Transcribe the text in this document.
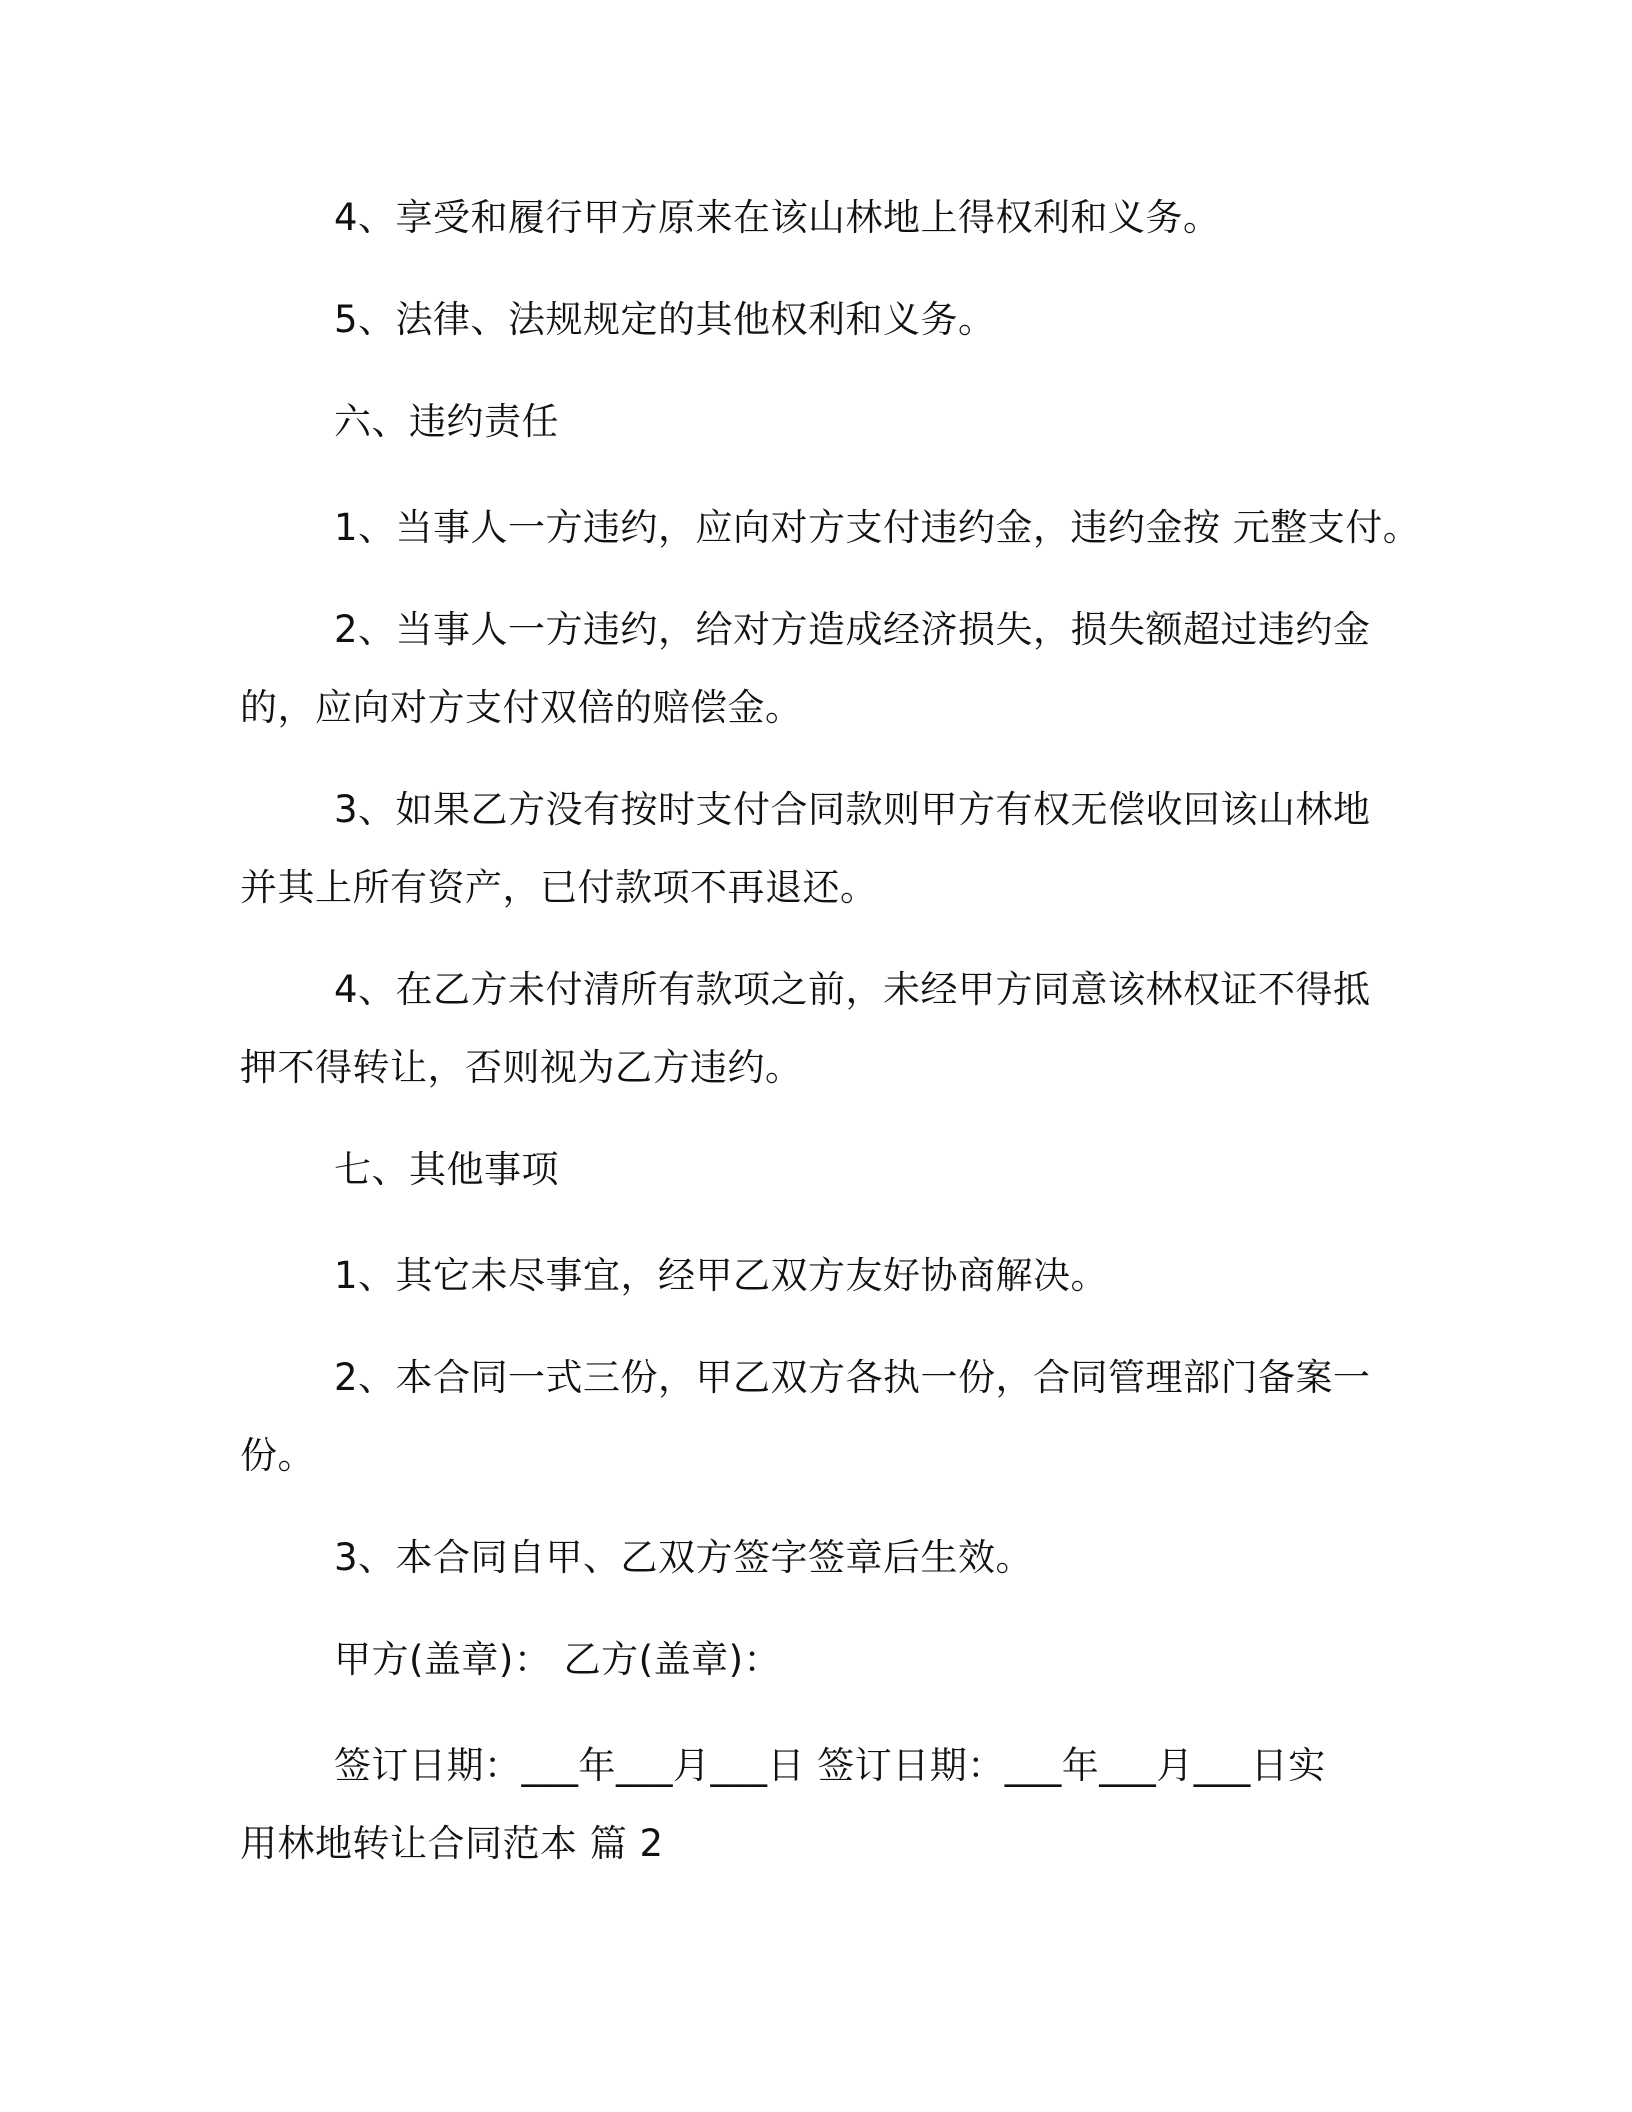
4、享受和履行甲方原来在该山林地上得权利和义务。
5、法律、法规规定的其他权利和义务。
六、违约责任
1、当事人一方违约，应向对方支付违约金，违约金按 元整支付。
2、当事人一方违约，给对方造成经济损失，损失额超过违约金
的，应向对方支付双倍的赔偿金。
3、如果乙方没有按时支付合同款则甲方有权无偿收回该山林地
并其上所有资产，已付款项不再退还。
4、在乙方未付清所有款项之前，未经甲方同意该林权证不得抵
押不得转让，否则视为乙方违约。
七、其他事项
1、其它未尽事宜，经甲乙双方友好协商解决。
2、本合同一式三份，甲乙双方各执一份，合同管理部门备案一
份。
3、本合同自甲、乙双方签字签章后生效。
甲方(盖章)： 乙方(盖章)：
签订日期：___年___月___日 签订日期：___年___月___日实
用林地转让合同范本 篇 2
